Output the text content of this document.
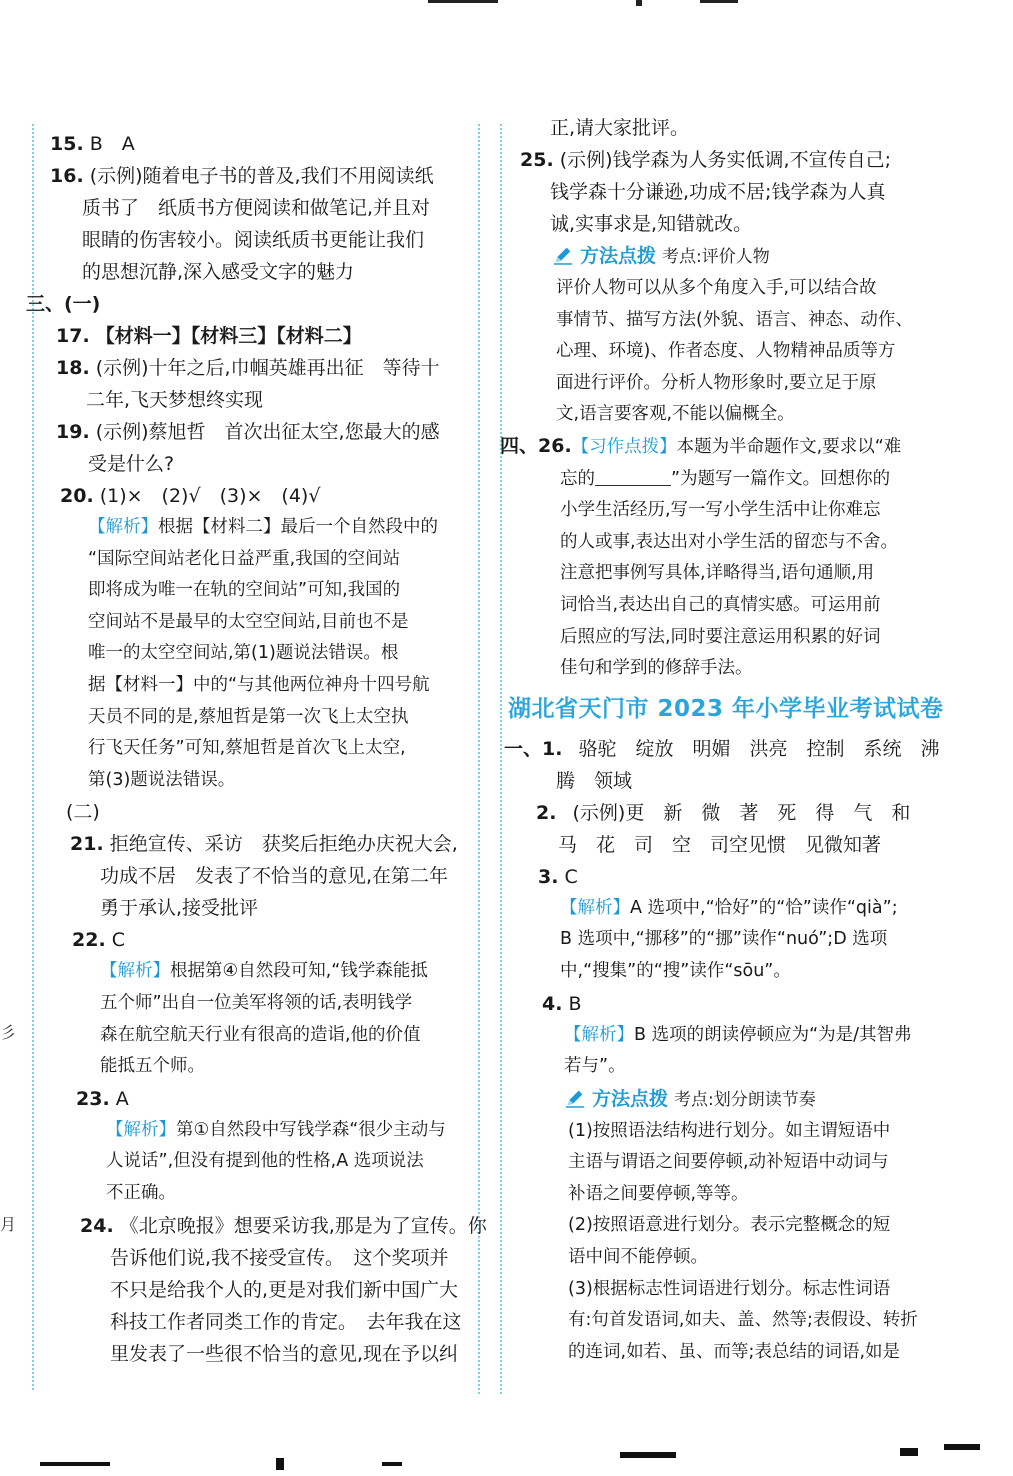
彡
月
15. B　A
16. (示例)随着电子书的普及,我们不用阅读纸
质书了　纸质书方便阅读和做笔记,并且对
眼睛的伤害较小。阅读纸质书更能让我们
的思想沉静,深入感受文字的魅力
三、(一)
17. 【材料一】【材料三】【材料二】
18. (示例)十年之后,巾帼英雄再出征　等待十
二年,飞天梦想终实现
19. (示例)蔡旭哲　首次出征太空,您最大的感
受是什么?
20. (1)×　(2)√　(3)×　(4)√
【解析】根据【材料二】最后一个自然段中的
“国际空间站老化日益严重,我国的空间站
即将成为唯一在轨的空间站”可知,我国的
空间站不是最早的太空空间站,目前也不是
唯一的太空空间站,第(1)题说法错误。根
据【材料一】中的“与其他两位神舟十四号航
天员不同的是,蔡旭哲是第一次飞上太空执
行飞天任务”可知,蔡旭哲是首次飞上太空,
第(3)题说法错误。
(二)
21. 拒绝宣传、采访　获奖后拒绝办庆祝大会,
功成不居　发表了不恰当的意见,在第二年
勇于承认,接受批评
22. C
【解析】根据第④自然段可知,“钱学森能抵
五个师”出自一位美军将领的话,表明钱学
森在航空航天行业有很高的造诣,他的价值
能抵五个师。
23. A
【解析】第①自然段中写钱学森“很少主动与
人说话”,但没有提到他的性格,A 选项说法
不正确。
24. 《北京晚报》想要采访我,那是为了宣传。你
告诉他们说,我不接受宣传。　这个奖项并
不只是给我个人的,更是对我们新中国广大
科技工作者同类工作的肯定。　去年我在这
里发表了一些很不恰当的意见,现在予以纠
正,请大家批评。
25. (示例)钱学森为人务实低调,不宣传自己;
钱学森十分谦逊,功成不居;钱学森为人真
诚,实事求是,知错就改。
方法点拨 考点:评价人物
评价人物可以从多个角度入手,可以结合故
事情节、描写方法(外貌、语言、神态、动作、
心理、环境)、作者态度、人物精神品质等方
面进行评价。分析人物形象时,要立足于原
文,语言要客观,不能以偏概全。
四、26.【习作点拨】本题为半命题作文,要求以“难
忘的	”为题写一篇作文。回想你的
小学生活经历,写一写小学生活中让你难忘
的人或事,表达出对小学生活的留恋与不舍。
注意把事例写具体,详略得当,语句通顺,用
词恰当,表达出自己的真情实感。可运用前
后照应的写法,同时要注意运用积累的好词
佳句和学到的修辞手法。
湖北省天门市 2023 年小学毕业考试试卷
一、1. 骆驼　绽放　明媚　洪亮　控制　系统　沸
腾　领域
2. (示例)更　新　微　著　死　得　气　和
马　花　司　空　司空见惯　见微知著
3. C
【解析】A 选项中,“恰好”的“恰”读作“qià”;
B 选项中,“挪移”的“挪”读作“nuó”;D 选项
中,“搜集”的“搜”读作“sōu”。
4. B
【解析】B 选项的朗读停顿应为“为是/其智弗
若与”。
方法点拨 考点:划分朗读节奏
(1)按照语法结构进行划分。如主谓短语中
主语与谓语之间要停顿,动补短语中动词与
补语之间要停顿,等等。
(2)按照语意进行划分。表示完整概念的短
语中间不能停顿。
(3)根据标志性词语进行划分。标志性词语
有:句首发语词,如夫、盖、然等;表假设、转折
的连词,如若、虽、而等;表总结的词语,如是
